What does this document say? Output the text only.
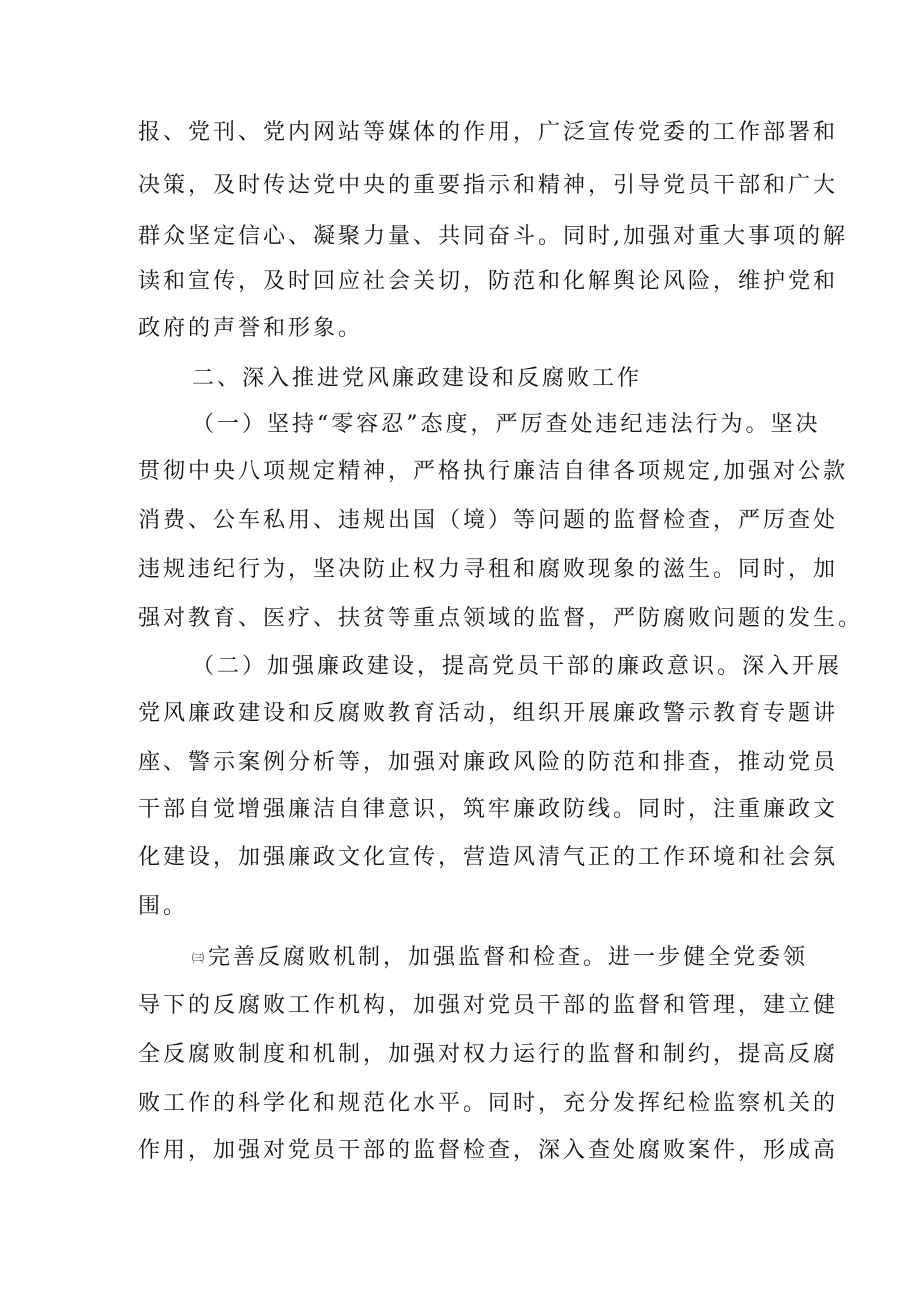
报、党刊、党内网站等媒体的作用，广泛宣传党委的工作部署和

决策，及时传达党中央的重要指示和精神，引导党员干部和广大

群众坚定信心、凝聚力量、共同奋斗。同时,加强对重大事项的解

读和宣传，及时回应社会关切，防范和化解舆论风险，维护党和

政府的声誉和形象。

二、深入推进党风廉政建设和反腐败工作

（一）坚持“零容忍”态度，严厉查处违纪违法行为。坚决

贯彻中央八项规定精神，严格执行廉洁自律各项规定,加强对公款

消费、公车私用、违规出国（境）等问题的监督检查，严厉查处

违规违纪行为，坚决防止权力寻租和腐败现象的滋生。同时，加

强对教育、医疗、扶贫等重点领域的监督，严防腐败问题的发生。

（二）加强廉政建设，提高党员干部的廉政意识。深入开展

党风廉政建设和反腐败教育活动，组织开展廉政警示教育专题讲

座、警示案例分析等，加强对廉政风险的防范和排查，推动党员

干部自觉增强廉洁自律意识，筑牢廉政防线。同时，注重廉政文

化建设，加强廉政文化宣传，营造风清气正的工作环境和社会氛

围。

㈢ 完善反腐败机制，加强监督和检查。进一步健全党委领

导下的反腐败工作机构，加强对党员干部的监督和管理，建立健

全反腐败制度和机制，加强对权力运行的监督和制约，提高反腐

败工作的科学化和规范化水平。同时，充分发挥纪检监察机关的

作用，加强对党员干部的监督检查，深入查处腐败案件，形成高
